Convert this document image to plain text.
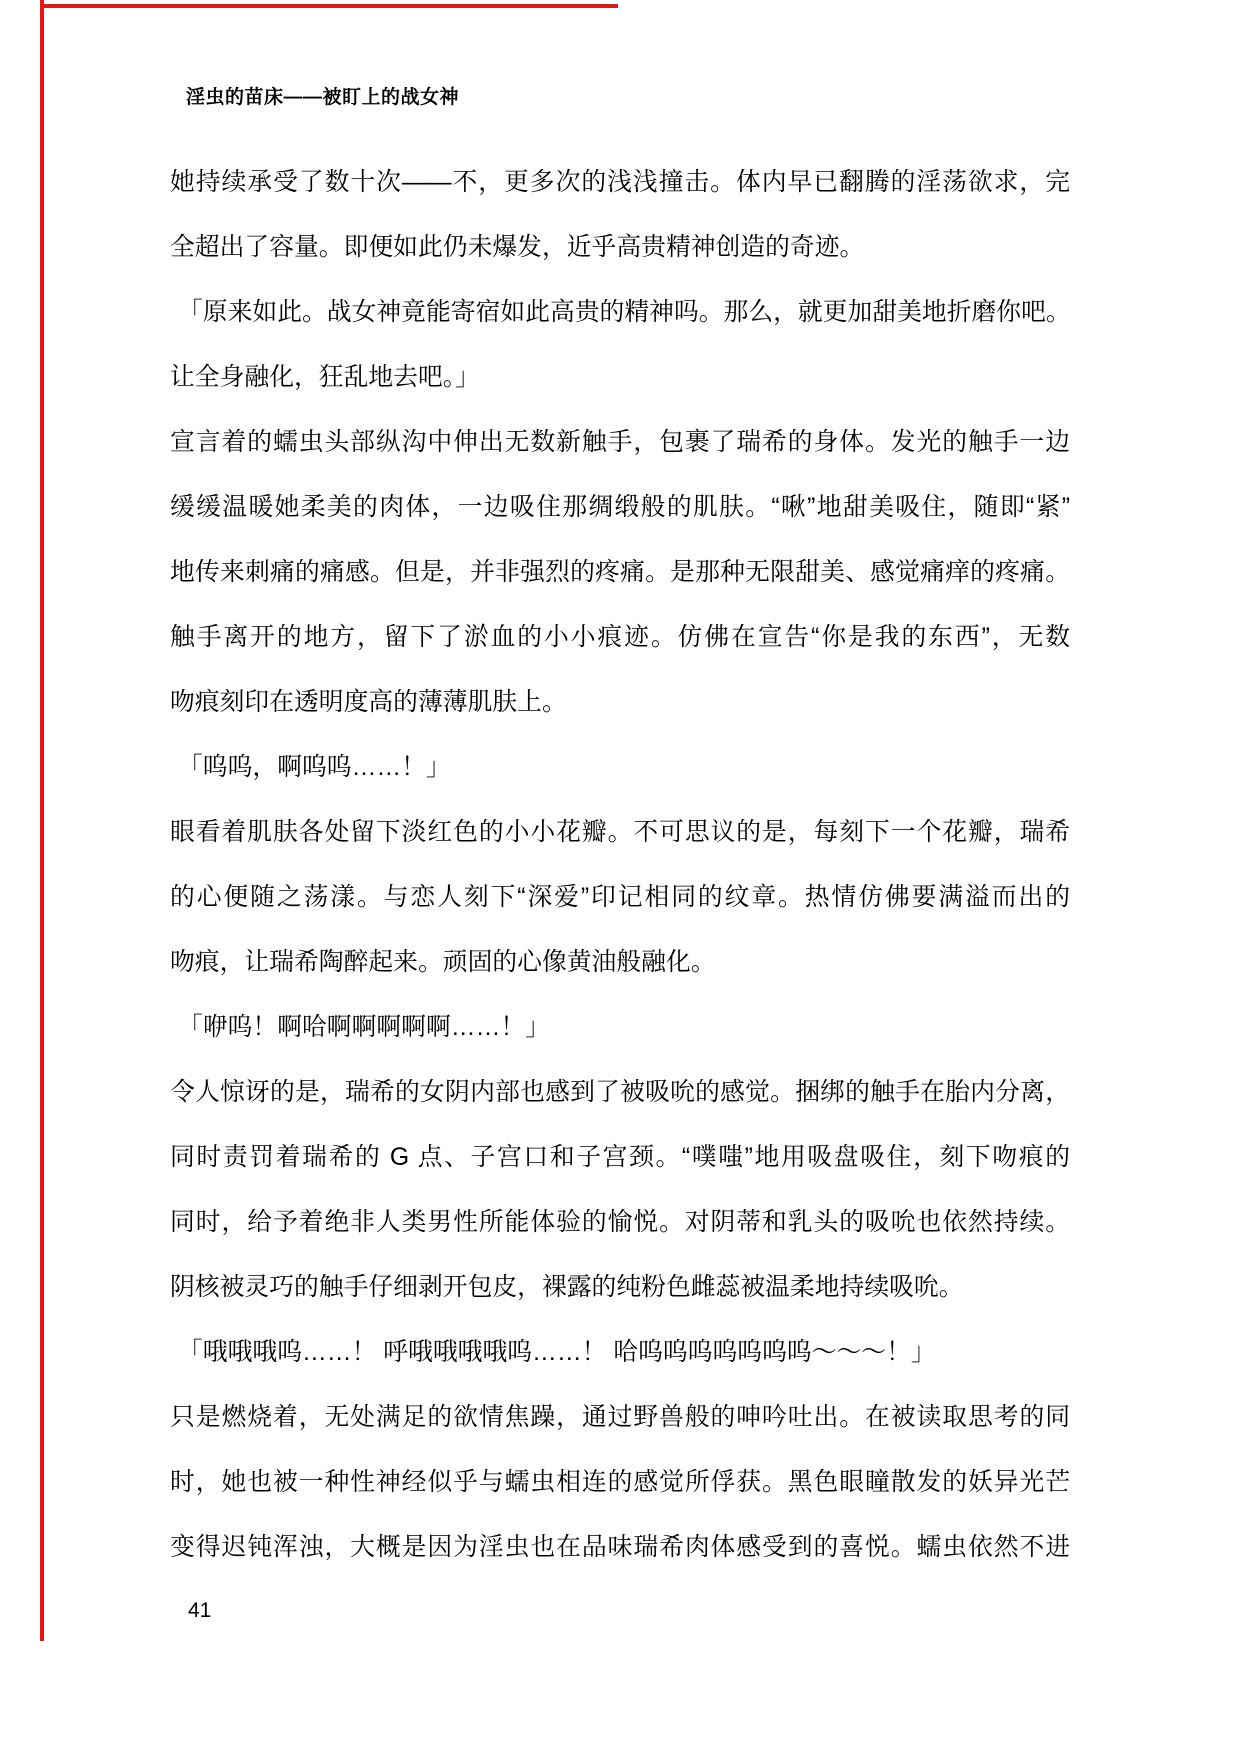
淫虫的苗床——被盯上的战女神
她持续承受了数十次——不，更多次的浅浅撞击。体内早已翻腾的淫荡欲求，完
全超出了容量。即便如此仍未爆发，近乎高贵精神创造的奇迹。
「原来如此。战女神竟能寄宿如此高贵的精神吗。那么，就更加甜美地折磨你吧。
让全身融化，狂乱地去吧。」
宣言着的蠕虫头部纵沟中伸出无数新触手，包裹了瑞希的身体。发光的触手一边
缓缓温暖她柔美的肉体，一边吸住那绸缎般的肌肤。“啾”地甜美吸住，随即“紧”
地传来刺痛的痛感。但是，并非强烈的疼痛。是那种无限甜美、感觉痛痒的疼痛。
触手离开的地方，留下了淤血的小小痕迹。仿佛在宣告“你是我的东西”，无数
吻痕刻印在透明度高的薄薄肌肤上。
「呜呜，啊呜呜……！」
眼看着肌肤各处留下淡红色的小小花瓣。不可思议的是，每刻下一个花瓣，瑞希
的心便随之荡漾。与恋人刻下“深爱”印记相同的纹章。热情仿佛要满溢而出的
吻痕，让瑞希陶醉起来。顽固的心像黄油般融化。
「咿呜！啊哈啊啊啊啊啊……！」
令人惊讶的是，瑞希的女阴内部也感到了被吸吮的感觉。捆绑的触手在胎内分离，
同时责罚着瑞希的 G 点、子宫口和子宫颈。“噗嗤”地用吸盘吸住，刻下吻痕的
同时，给予着绝非人类男性所能体验的愉悦。对阴蒂和乳头的吸吮也依然持续。
阴核被灵巧的触手仔细剥开包皮，裸露的纯粉色雌蕊被温柔地持续吸吮。
「哦哦哦呜……！ 呼哦哦哦哦呜……！ 哈呜呜呜呜呜呜呜～～～！」
只是燃烧着，无处满足的欲情焦躁，通过野兽般的呻吟吐出。在被读取思考的同
时，她也被一种性神经似乎与蠕虫相连的感觉所俘获。黑色眼瞳散发的妖异光芒
变得迟钝浑浊，大概是因为淫虫也在品味瑞希肉体感受到的喜悦。蠕虫依然不进
41
